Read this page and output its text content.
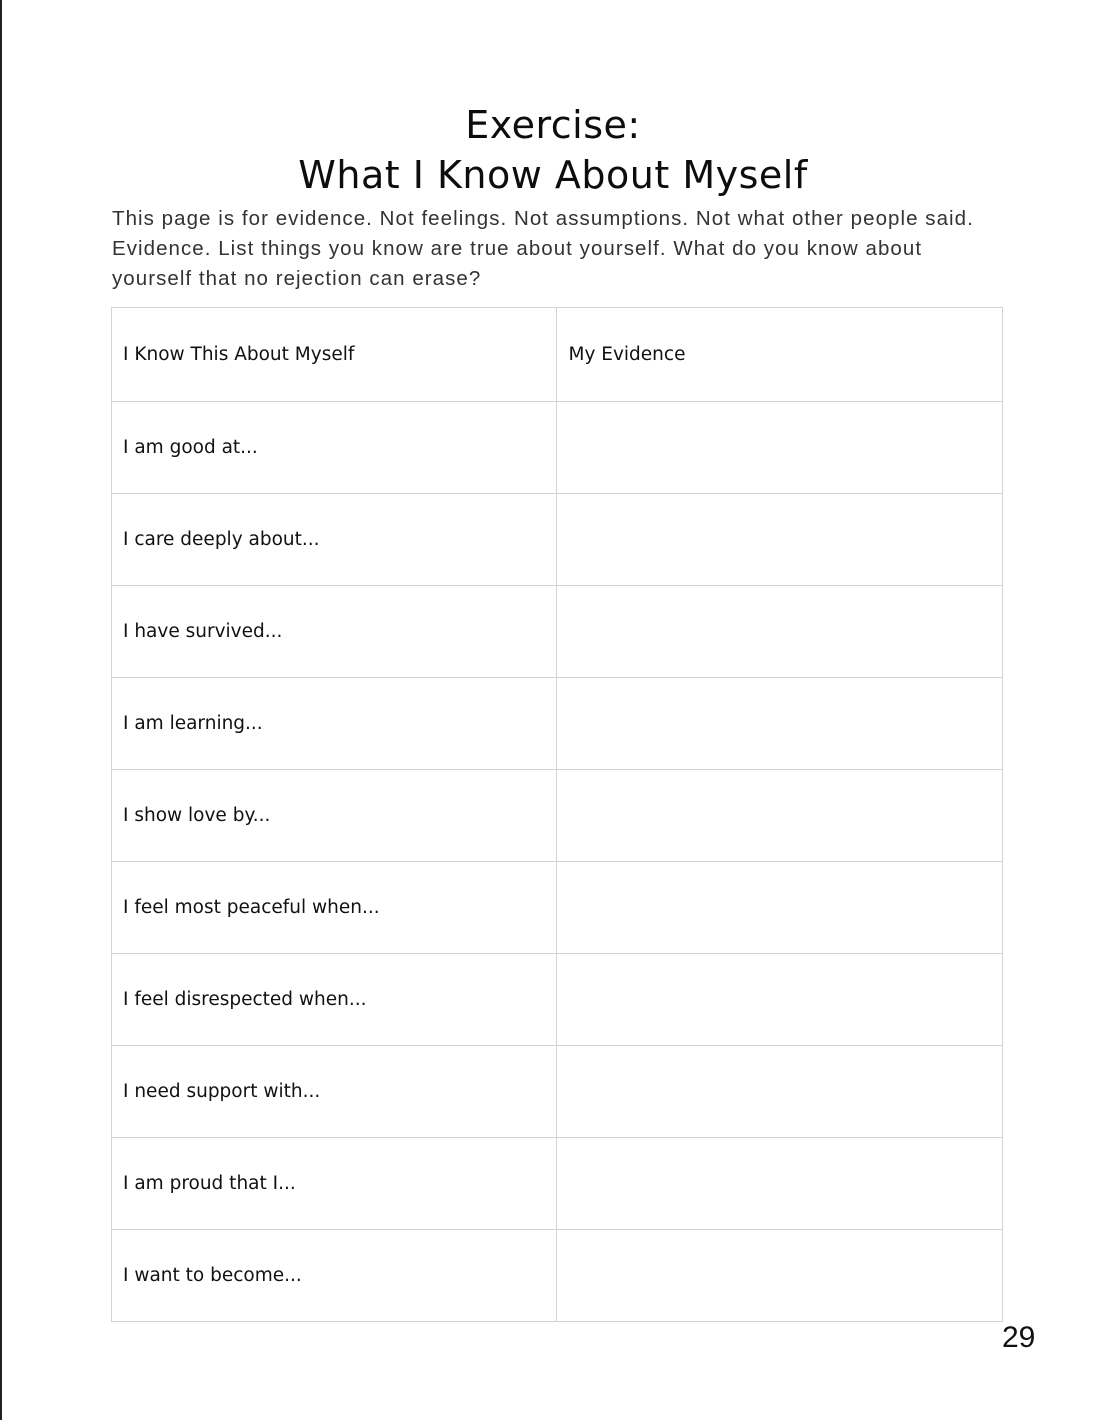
Exercise:
What I Know About Myself

This page is for evidence. Not feelings. Not assumptions. Not what other people said. Evidence. List things you know are true about yourself. What do you know about yourself that no rejection can erase?

I Know This About Myself	My Evidence
I am good at...	
I care deeply about...	
I have survived...	
I am learning...	
I show love by...	
I feel most peaceful when...	
I feel disrespected when...	
I need support with...	
I am proud that I...	
I want to become...	
29
